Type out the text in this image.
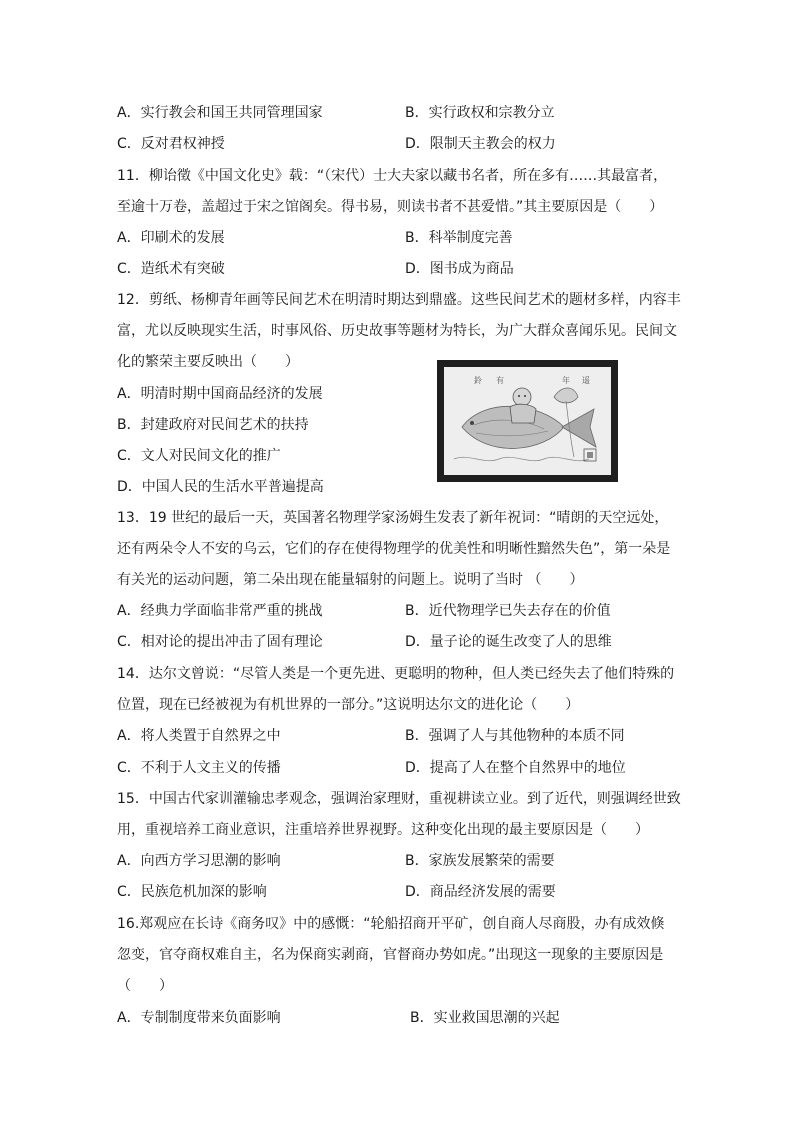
A．实行教会和国王共同管理国家	B．实行政权和宗教分立
C．反对君权神授	D．限制天主教会的权力
11．柳诒徵《中国文化史》载：“（宋代）士大夫家以藏书名者，所在多有……其最富者，
至逾十万卷，盖超过于宋之馆阁矣。得书易，则读书者不甚爱惜。”其主要原因是（　　）
A．印刷术的发展	B．科举制度完善
C．造纸术有突破	D．图书成为商品
12．剪纸、杨柳青年画等民间艺术在明清时期达到鼎盛。这些民间艺术的题材多样，内容丰
富，尤以反映现实生活，时事风俗、历史故事等题材为特长，为广大群众喜闻乐见。民间文
化的繁荣主要反映出（　　）
A．明清时期中国商品经济的发展
B．封建政府对民间艺术的扶持
C．文人对民间文化的推广
D．中国人民的生活水平普遍提高
鈴 有	年 遥
13．19 世纪的最后一天，英国著名物理学家汤姆生发表了新年祝词：“晴朗的天空远处，
还有两朵令人不安的乌云，它们的存在使得物理学的优美性和明晰性黯然失色”，第一朵是
有关光的运动问题，第二朵出现在能量辐射的问题上。说明了当时 （　　）
A．经典力学面临非常严重的挑战	B．近代物理学已失去存在的价值
C．相对论的提出冲击了固有理论	D．量子论的诞生改变了人的思维
14．达尔文曾说：“尽管人类是一个更先进、更聪明的物种，但人类已经失去了他们特殊的
位置，现在已经被视为有机世界的一部分。”这说明达尔文的进化论（　　）
A．将人类置于自然界之中	B．强调了人与其他物种的本质不同
C．不利于人文主义的传播	D．提高了人在整个自然界中的地位
15．中国古代家训灌输忠孝观念，强调治家理财，重视耕读立业。到了近代，则强调经世致
用，重视培养工商业意识，注重培养世界视野。这种变化出现的最主要原因是（　　）
A．向西方学习思潮的影响	B．家族发展繁荣的需要
C．民族危机加深的影响	D．商品经济发展的需要
16.郑观应在长诗《商务叹》中的感慨：“轮船招商开平矿，创自商人尽商股，办有成效倏
忽变，官夺商权难自主，名为保商实剥商，官督商办势如虎。”出现这一现象的主要原因是
（　　）
A．专制制度带来负面影响	B．实业救国思潮的兴起
